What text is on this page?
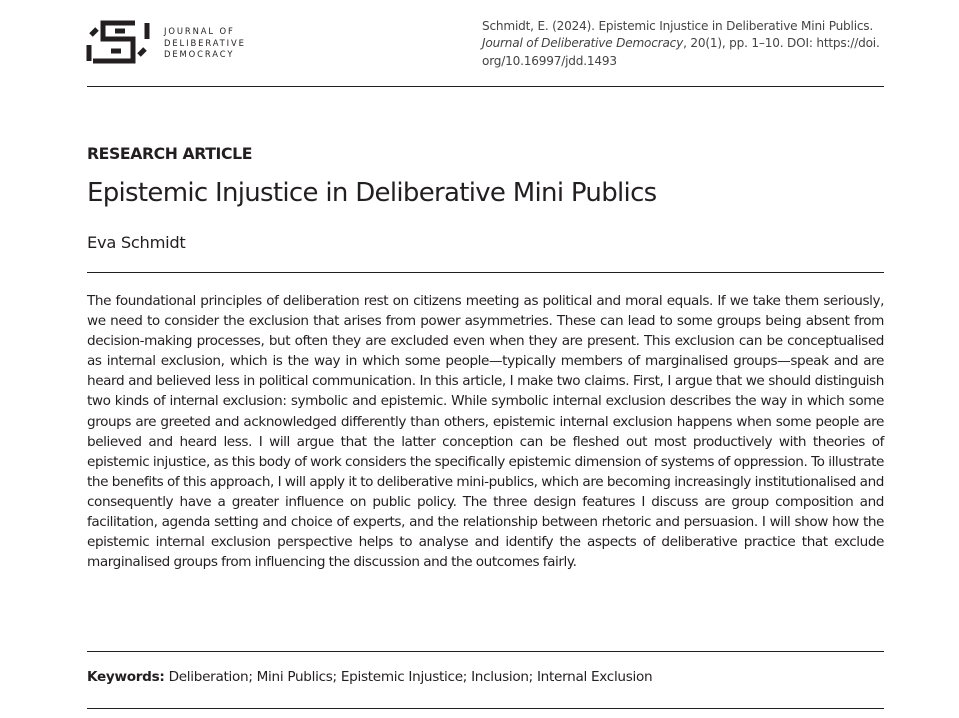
JOURNAL OF
DELIBERATIVE
DEMOCRACY
Schmidt, E. (2024). Epistemic Injustice in Deliberative Mini Publics.
Journal of Deliberative Democracy, 20(1), pp. 1–10. DOI: https://doi.
org/10.16997/jdd.1493
RESEARCH ARTICLE
Epistemic Injustice in Deliberative Mini Publics
Eva Schmidt

The foundational principles of deliberation rest on citizens meeting as political and moral equals. If we take them seriously, we need to consider the exclusion that arises from power asymmetries. These can lead to some groups being absent from decision-making processes, but often they are excluded even when they are present. This exclusion can be conceptualised as internal exclusion, which is the way in which some people—typically members of marginalised groups—speak and are heard and believed less in political communication. In this article, I make two claims. First, I argue that we should distinguish two kinds of internal exclusion: symbolic and epistemic. While symbolic internal exclusion describes the way in which some groups are greeted and acknowledged differently than others, epistemic internal exclusion happens when some people are believed and heard less. I will argue that the latter conception can be fleshed out most productively with theories of epistemic injustice, as this body of work considers the specifically epistemic dimension of systems of oppression. To illustrate the benefits of this approach, I will apply it to deliberative mini-publics, which are becoming increasingly institutionalised and consequently have a greater influence on public policy. The three design features I discuss are group composition and facilitation, agenda setting and choice of experts, and the relationship between rhetoric and persuasion. I will show how the epistemic internal exclusion perspective helps to analyse and identify the aspects of deliberative practice that exclude marginalised groups from influencing the discussion and the outcomes fairly.

Keywords: Deliberation; Mini Publics; Epistemic Injustice; Inclusion; Internal Exclusion
